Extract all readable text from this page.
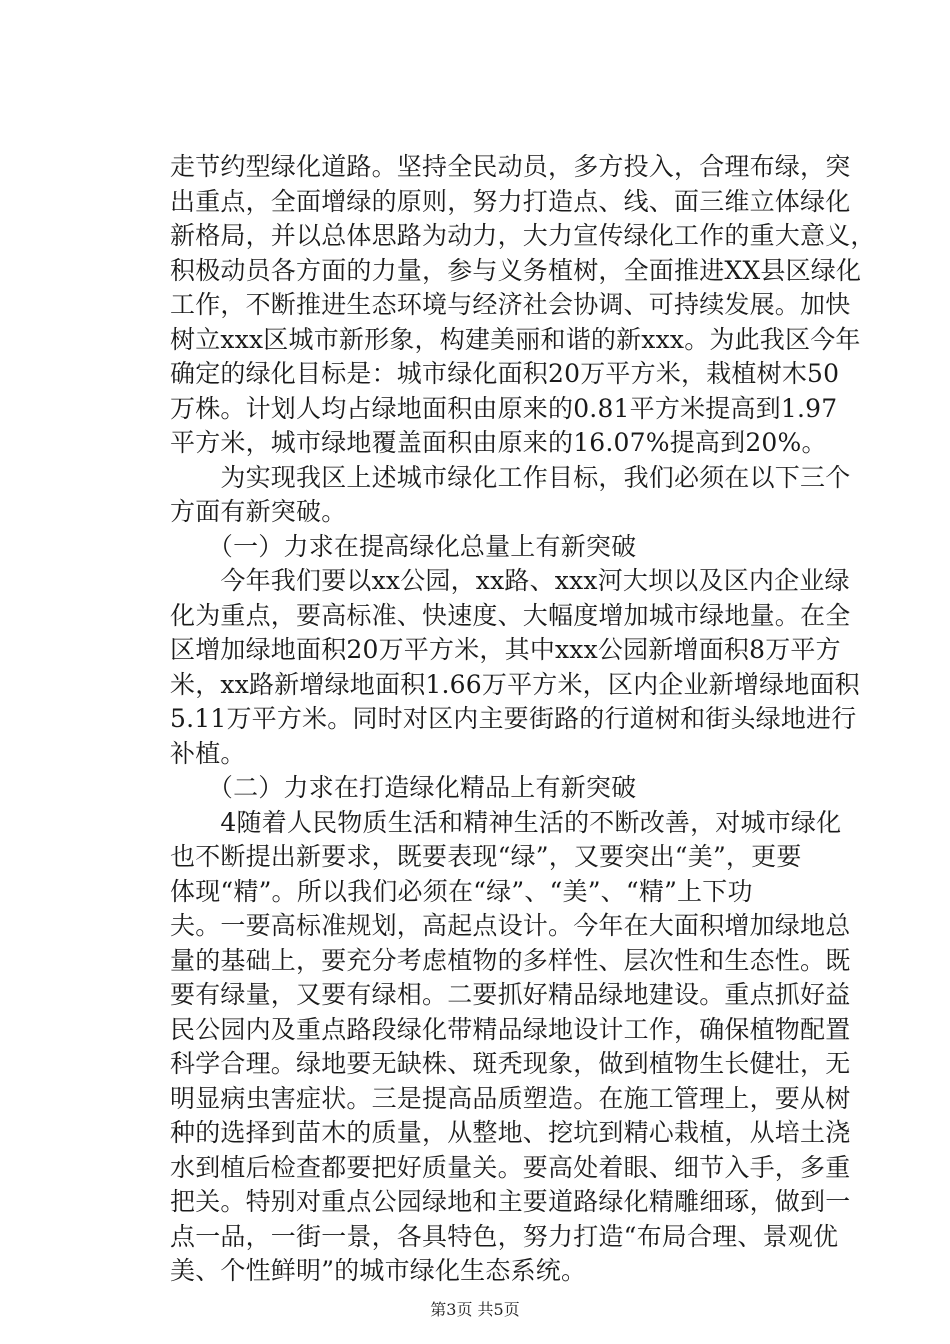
走节约型绿化道路。坚持全民动员，多方投入，合理布绿，突
出重点，全面增绿的原则，努力打造点、线、面三维立体绿化
新格局，并以总体思路为动力，大力宣传绿化工作的重大意义，
积极动员各方面的力量，参与义务植树，全面推进XX县区绿化
工作，不断推进生态环境与经济社会协调、可持续发展。加快
树立xxx区城市新形象，构建美丽和谐的新xxx。为此我区今年
确定的绿化目标是：城市绿化面积20万平方米，栽植树木50
万株。计划人均占绿地面积由原来的0.81平方米提高到1.97
平方米，城市绿地覆盖面积由原来的16.07%提高到20%。
　　为实现我区上述城市绿化工作目标，我们必须在以下三个
方面有新突破。
　　（一）力求在提高绿化总量上有新突破
　　今年我们要以xx公园，xx路、xxx河大坝以及区内企业绿
化为重点，要高标准、快速度、大幅度增加城市绿地量。在全
区增加绿地面积20万平方米，其中xxx公园新增面积8万平方
米，xx路新增绿地面积1.66万平方米，区内企业新增绿地面积
5.11万平方米。同时对区内主要街路的行道树和街头绿地进行
补植。
　　（二）力求在打造绿化精品上有新突破
　　4随着人民物质生活和精神生活的不断改善，对城市绿化
也不断提出新要求，既要表现“绿”，又要突出“美”，更要
体现“精”。所以我们必须在“绿”、“美”、“精”上下功
夫。一要高标准规划，高起点设计。今年在大面积增加绿地总
量的基础上，要充分考虑植物的多样性、层次性和生态性。既
要有绿量，又要有绿相。二要抓好精品绿地建设。重点抓好益
民公园内及重点路段绿化带精品绿地设计工作，确保植物配置
科学合理。绿地要无缺株、斑秃现象，做到植物生长健壮，无
明显病虫害症状。三是提高品质塑造。在施工管理上，要从树
种的选择到苗木的质量，从整地、挖坑到精心栽植，从培土浇
水到植后检查都要把好质量关。要高处着眼、细节入手，多重
把关。特别对重点公园绿地和主要道路绿化精雕细琢，做到一
点一品，一街一景，各具特色，努力打造“布局合理、景观优
美、个性鲜明”的城市绿化生态系统。
第3页 共5页
